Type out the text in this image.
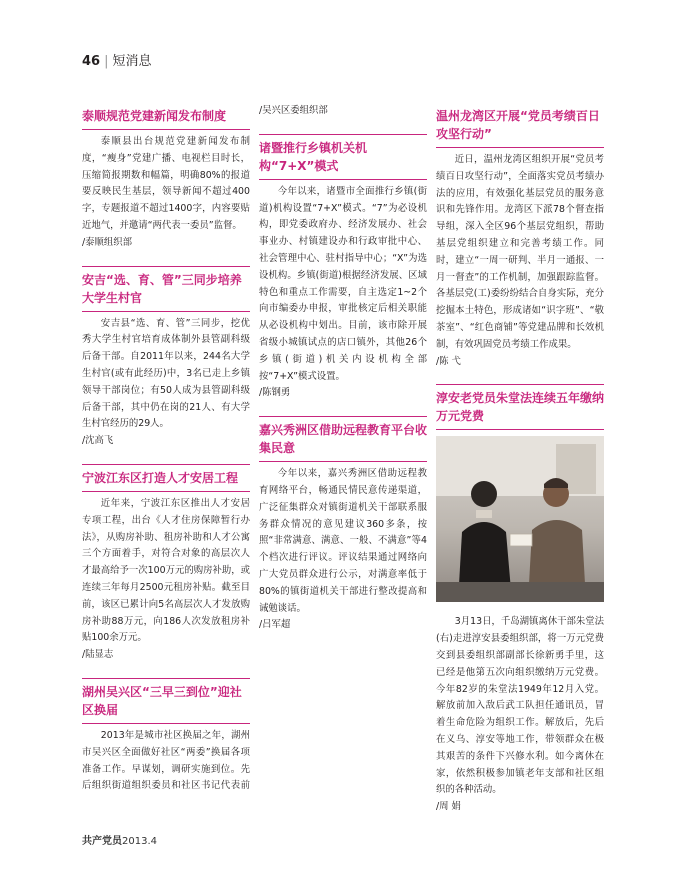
46 | 短消息
泰顺规范党建新闻发布制度

泰顺县出台规范党建新闻发布制度，“瘦身”党建广播、电视栏目时长，压缩简报期数和幅篇，明确80%的报道要反映民生基层，领导新闻不超过400字，专题报道不超过1400字，内容要贴近地气，并邀请“两代表一委员”监督。

/泰顺组织部

安吉“选、育、管”三同步培养大学生村官

安吉县“选、育、管”三同步，挖优秀大学生村官培育成体制外县管副科级后备干部。自2011年以来，244名大学生村官(或有此经历)中，3名已走上乡镇领导干部岗位；有50人成为县管副科级后备干部，其中仍在岗的21人、有大学生村官经历的29人。

/沈高飞

宁波江东区打造人才安居工程

近年来，宁波江东区推出人才安居专项工程，出台《人才住房保障暂行办法》，从购房补助、租房补助和人才公寓三个方面着手，对符合对象的高层次人才最高给予一次100万元的购房补助，或连续三年每月2500元租房补贴。截至目前，该区已累计向5名高层次人才发放购房补助88万元，向186人次发放租房补贴100余万元。

/陆显志

湖州吴兴区“三早三到位”迎社区换届

2013年是城市社区换届之年，湖州市吴兴区全面做好社区“两委”换届各项准备工作。早谋划，调研实施到位。先后组织街道组织委员和社区书记代表前

/吴兴区委组织部

诸暨推行乡镇机关机构“7+X”模式

今年以来，诸暨市全面推行乡镇(街道)机构设置“7+X”模式。“7”为必设机构，即党委政府办、经济发展办、社会事业办、村镇建设办和行政审批中心、社会管理中心、驻村指导中心；“X”为选设机构。乡镇(街道)根据经济发展、区域特色和重点工作需要，自主选定1~2个向市编委办申报，审批核定后相关职能从必设机构中划出。目前，该市除开展省级小城镇试点的店口镇外，其他26个乡镇(街道)机关内设机构全部按“7+X”模式设置。

/陈钢勇

嘉兴秀洲区借助远程教育平台收集民意

今年以来，嘉兴秀洲区借助远程教育网络平台，畅通民情民意传递渠道，广泛征集群众对镇街道机关干部联系服务群众情况的意见建议360多条，按照“非常满意、满意、一般、不满意”等4个档次进行评议。评议结果通过网络向广大党员群众进行公示，对满意率低于80%的镇街道机关干部进行整改提高和诫勉谈话。

/吕军超

温州龙湾区开展“党员考绩百日攻坚行动”

近日，温州龙湾区组织开展“党员考绩百日攻坚行动”，全面落实党员考绩办法的应用，有效强化基层党员的服务意识和先锋作用。龙湾区下派78个督查指导组，深入全区96个基层党组织，帮助基层党组织建立和完善考绩工作。同时，建立“一周一研判、半月一通报、一月一督查”的工作机制，加强跟踪监督。各基层党(工)委纷纷结合自身实际，充分挖掘本土特色，形成诸如“识字班”、“敬茶室”、“红色商铺”等党建品牌和长效机制，有效巩固党员考绩工作成果。

/陈 弋

淳安老党员朱堂法连续五年缴纳万元党费

3月13日，千岛湖镇离休干部朱堂法(右)走进淳安县委组织部，将一万元党费交到县委组织部副部长徐新勇手里，这已经是他第五次向组织缴纳万元党费。今年82岁的朱堂法1949年12月入党。解放前加入敌后武工队担任通讯员，冒着生命危险为组织工作。解放后，先后在义乌、淳安等地工作，带领群众在极其艰苦的条件下兴修水利。如今离休在家，依然积极参加镇老年支部和社区组织的各种活动。

/周 娟

共产党员2013.4
